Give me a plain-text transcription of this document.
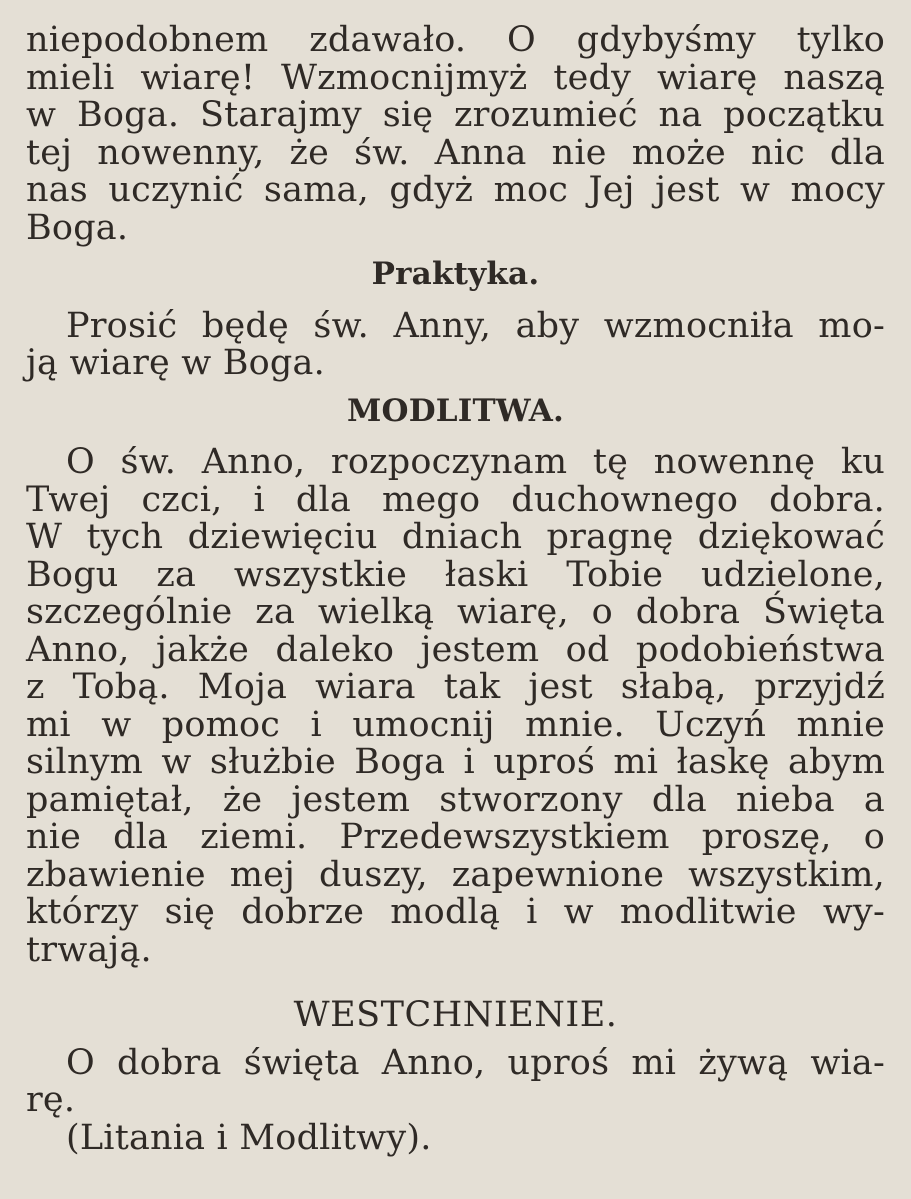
niepodobnem zdawało. O gdybyśmy tylko
mieli wiarę! Wzmocnijmyż tedy wiarę naszą
w Boga. Starajmy się zrozumieć na początku
tej nowenny, że św. Anna nie może nic dla
nas uczynić sama, gdyż moc Jej jest w mocy
Boga.
Praktyka.
Prosić będę św. Anny, aby wzmocniła mo-
ją wiarę w Boga.
MODLITWA.
O św. Anno, rozpoczynam tę nowennę ku
Twej czci, i dla mego duchownego dobra.
W tych dziewięciu dniach pragnę dziękować
Bogu za wszystkie łaski Tobie udzielone,
szczególnie za wielką wiarę, o dobra Święta
Anno, jakże daleko jestem od podobieństwa
z Tobą. Moja wiara tak jest słabą, przyjdź
mi w pomoc i umocnij mnie. Uczyń mnie
silnym w służbie Boga i uproś mi łaskę abym
pamiętał, że jestem stworzony dla nieba a
nie dla ziemi. Przedewszystkiem proszę, o
zbawienie mej duszy, zapewnione wszystkim,
którzy się dobrze modlą i w modlitwie wy-
trwają.
WESTCHNIENIE.
O dobra święta Anno, uproś mi żywą wia-
rę.
(Litania i Modlitwy).
